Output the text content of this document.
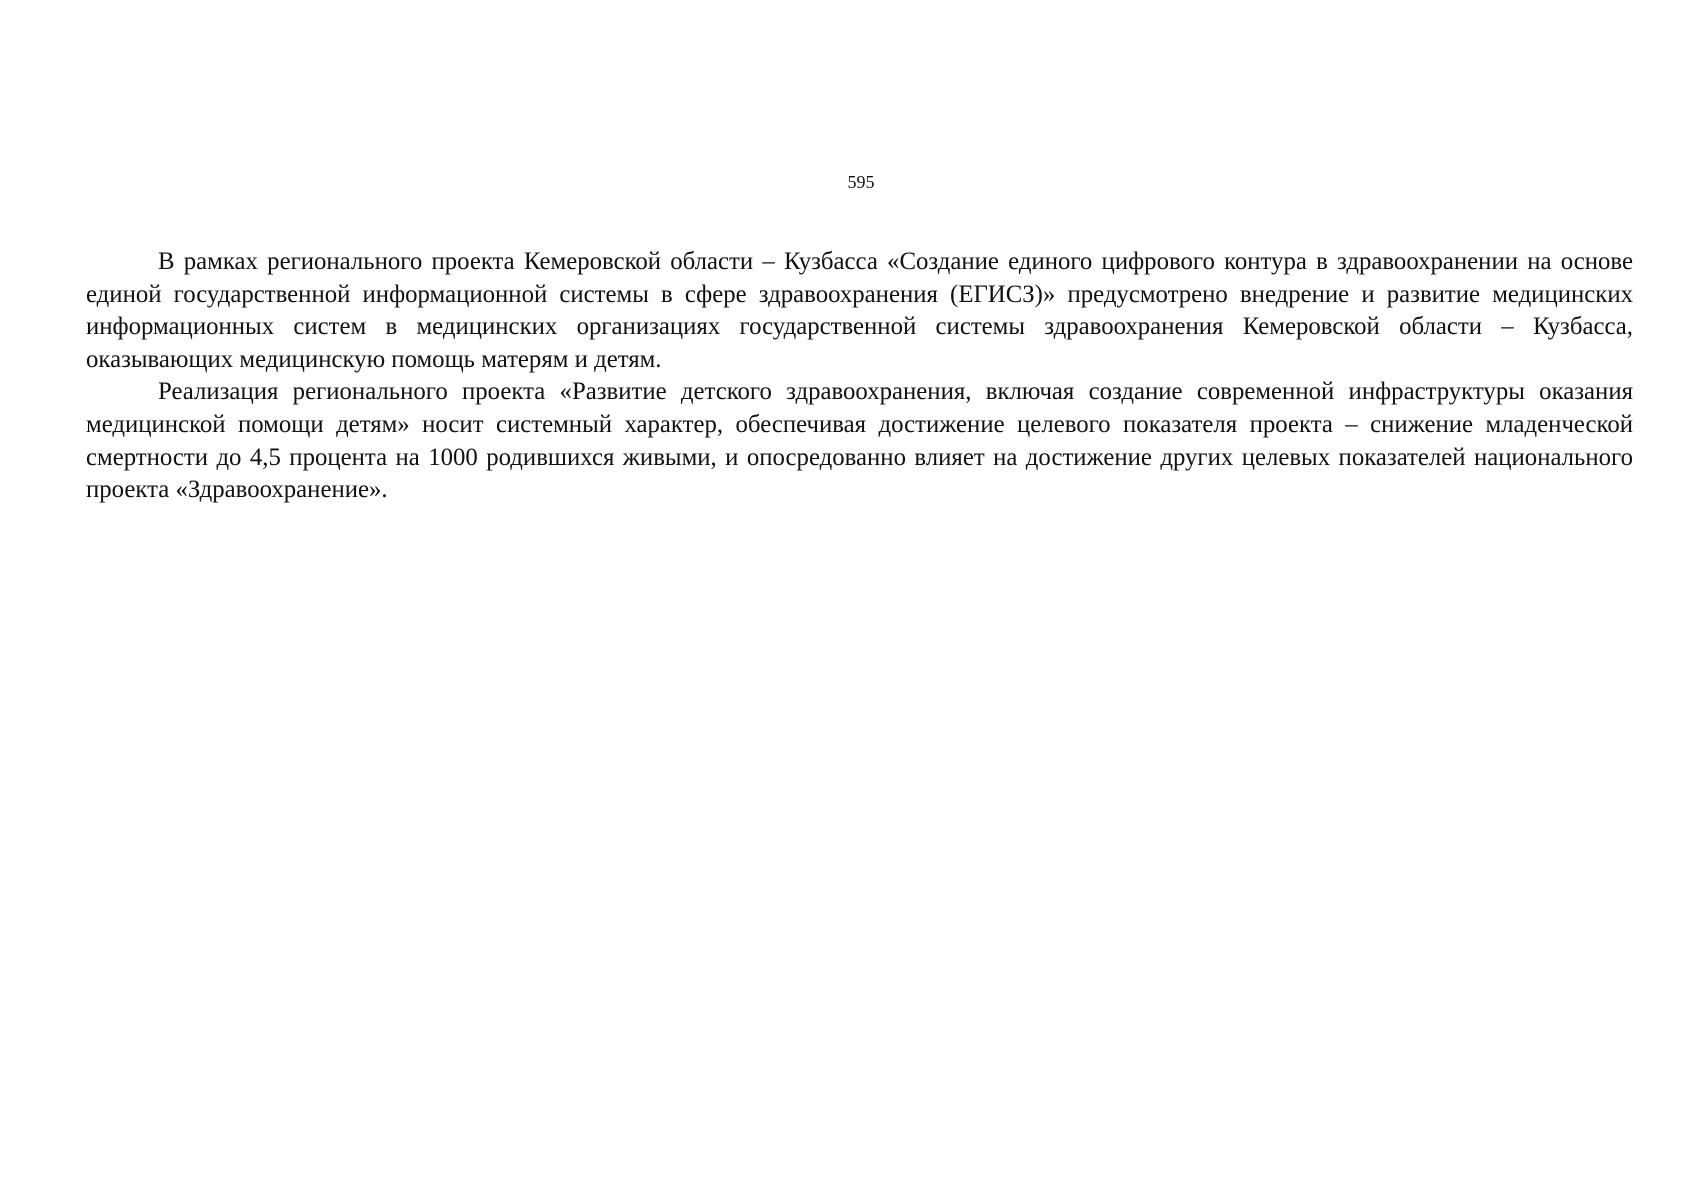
595

В рамках регионального проекта Кемеровской области – Кузбасса «Создание единого цифрового контура в здравоохранении на основе единой государственной информационной системы в сфере здравоохранения (ЕГИСЗ)» предусмотрено внедрение и развитие медицинских информационных систем в медицинских организациях государственной системы здравоохранения Кемеровской области – Кузбасса, оказывающих медицинскую помощь матерям и детям.

Реализация регионального проекта «Развитие детского здравоохранения, включая создание современной инфраструктуры оказания медицинской помощи детям» носит системный характер, обеспечивая достижение целевого показателя проекта – снижение младенческой смертности до 4,5 процента на 1000 родившихся живыми, и опосредованно влияет на достижение других целевых показателей национального проекта «Здравоохранение».
